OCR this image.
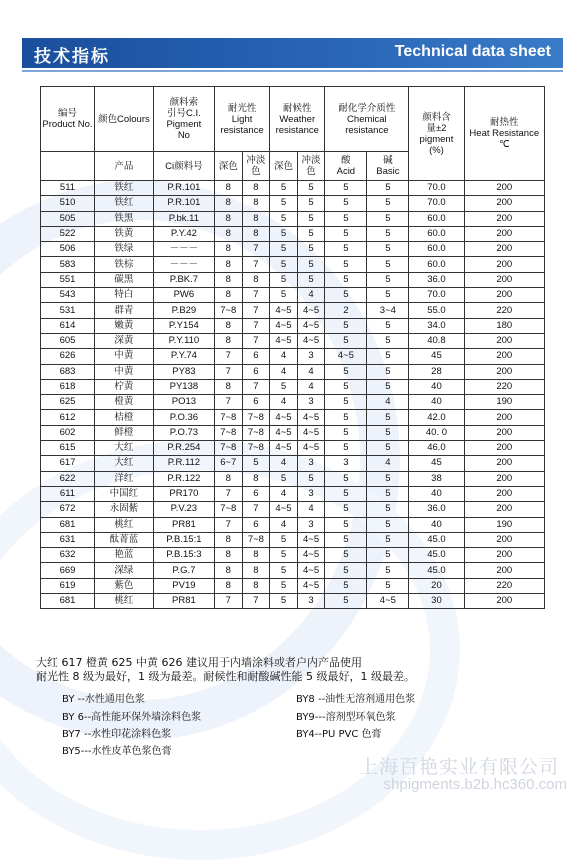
技术指标	Technical data sheet
编号
Product No.	颜色Colours	颜料索
引号C.I.
Pigment
No	耐光性
Light
resistance		耐候性
Weather
resistance		耐化学介质性
Chemical
resistance		颜料含
量±2
pigment
(%)	耐热性
Heat Resistance ℃
	产品	Ci颜料号	深色	冲淡色	深色	冲淡色	酸
Acid	碱
Basic		
511	铁红	P.R.101	8	8	5	5	5	5	70.0	200
510	铁红	P.R.101	8	8	5	5	5	5	70.0	200
505	铁黑	P.bk.11	8	8	5	5	5	5	60.0	200
522	铁黄	P.Y.42	8	8	5	5	5	5	60.0	200
506	铁绿	－－－	8	7	5	5	5	5	60.0	200
583	铁棕	－－－	8	7	5	5	5	5	60.0	200
551	碳黑	P.BK.7	8	8	5	5	5	5	36.0	200
543	特白	PW6	8	7	5	4	5	5	70.0	200
531	群青	P.B29	7~8	7	4~5	4~5	2	3~4	55.0	220
614	嫩黄	P.Y154	8	7	4~5	4~5	5	5	34.0	180
605	深黄	P.Y.110	8	7	4~5	4~5	5	5	40.8	200
626	中黄	P.Y.74	7	6	4	3	4~5	5	45	200
683	中黄	PY83	7	6	4	4	5	5	28	200
618	柠黄	PY138	8	7	5	4	5	5	40	220
625	橙黄	PO13	7	6	4	3	5	4	40	190
612	桔橙	P.O.36	7~8	7~8	4~5	4~5	5	5	42.0	200
602	鲜橙	P.O.73	7~8	7~8	4~5	4~5	5	5	40. 0	200
615	大红	P.R.254	7~8	7~8	4~5	4~5	5	5	46.0	200
617	大红	P.R.112	6~7	5	4	3	3	4	45	200
622	洋红	P.R.122	8	8	5	5	5	5	38	200
611	中国红	PR170	7	6	4	3	5	5	40	200
672	永固紫	P.V.23	7~8	7	4~5	4	5	5	36.0	200
681	桃红	PR81	7	6	4	3	5	5	40	190
631	酞菁蓝	P.B.15:1	8	7~8	5	4~5	5	5	45.0	200
632	艳蓝	P.B.15:3	8	8	5	4~5	5	5	45.0	200
669	深绿	P.G.7	8	8	5	4~5	5	5	45.0	200
619	紫色	PV19	8	8	5	4~5	5	5	20	220
681	桃红	PR81	7	7	5	3	5	4~5	30	200
大红 617 橙黄 625 中黄 626 建议用于内墙涂料或者户内产品使用
耐光性 8 级为最好，1 级为最差。耐候性和耐酸碱性能 5 级最好，1 级最差。
BY --水性通用色浆
BY 6--高性能环保外墙涂料色浆
BY7 --水性印花涂料色浆
BY5---水性皮革色浆色膏
BY8 --油性无溶剂通用色浆
BY9---溶剂型环氧色浆
BY4--PU PVC 色膏
上海百艳实业有限公司
shpigments.b2b.hc360.com
